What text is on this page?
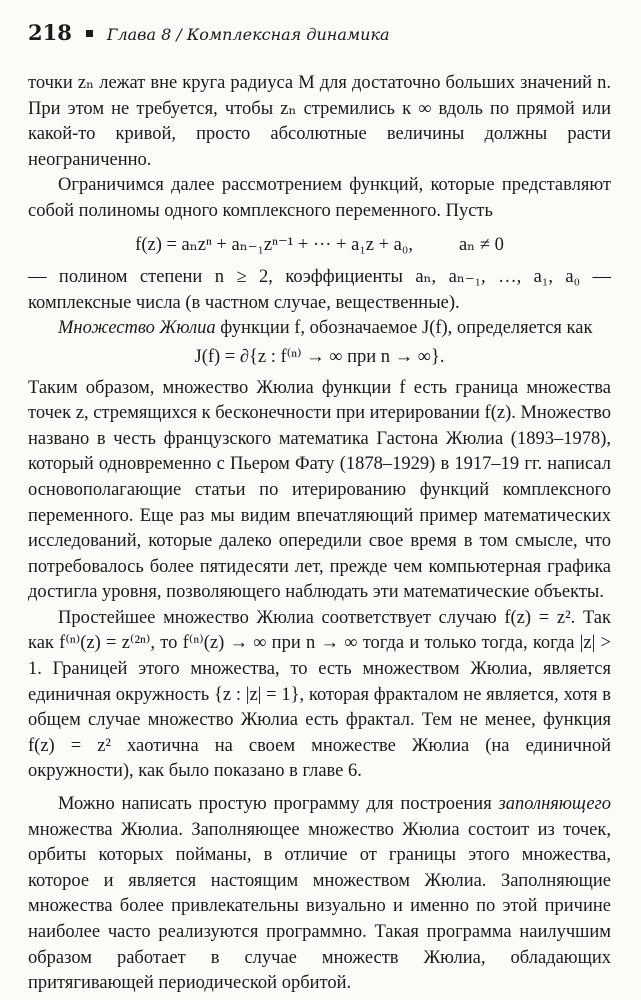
218 Глава 8 / Комплексная динамика

точки zₙ лежат вне круга радиуса M для достаточно больших значений n. При этом не требуется, чтобы zₙ стремились к ∞ вдоль по прямой или какой-то кривой, просто абсолютные величины должны расти неограниченно.

Ограничимся далее рассмотрением функций, которые представляют собой полиномы одного комплексного переменного. Пусть

f(z) = aₙzⁿ + aₙ₋₁zⁿ⁻¹ + ··· + a₁z + a₀, aₙ ≠ 0

— полином степени n ≥ 2, коэффициенты aₙ, aₙ₋₁, …, a₁, a₀ — комплексные числа (в частном случае, вещественные).

Множество Жюлиа функции f, обозначаемое J(f), определяется как

J(f) = ∂{z : f⁽ⁿ⁾ → ∞ при n → ∞}.

Таким образом, множество Жюлиа функции f есть граница множества точек z, стремящихся к бесконечности при итерировании f(z). Множество названо в честь французского математика Гастона Жюлиа (1893–1978), который одновременно с Пьером Фату (1878–1929) в 1917–19 гг. написал основополагающие статьи по итерированию функций комплексного переменного. Еще раз мы видим впечатляющий пример математических исследований, которые далеко опередили свое время в том смысле, что потребовалось более пятидесяти лет, прежде чем компьютерная графика достигла уровня, позволяющего наблюдать эти математические объекты.

Простейшее множество Жюлиа соответствует случаю f(z) = z². Так как f⁽ⁿ⁾(z) = z⁽²ⁿ⁾, то f⁽ⁿ⁾(z) → ∞ при n → ∞ тогда и только тогда, когда |z| > 1. Границей этого множества, то есть множеством Жюлиа, является единичная окружность {z : |z| = 1}, которая фракталом не является, хотя в общем случае множество Жюлиа есть фрактал. Тем не менее, функция f(z) = z² хаотична на своем множестве Жюлиа (на единичной окружности), как было показано в главе 6.

Можно написать простую программу для построения заполняющего множества Жюлиа. Заполняющее множество Жюлиа состоит из точек, орбиты которых пойманы, в отличие от границы этого множества, которое и является настоящим множеством Жюлиа. Заполняющие множества более привлекательны визуально и именно по этой причине наиболее часто реализуются программно. Такая программа наилучшим образом работает в случае множеств Жюлиа, обладающих притягивающей периодической орбитой.
